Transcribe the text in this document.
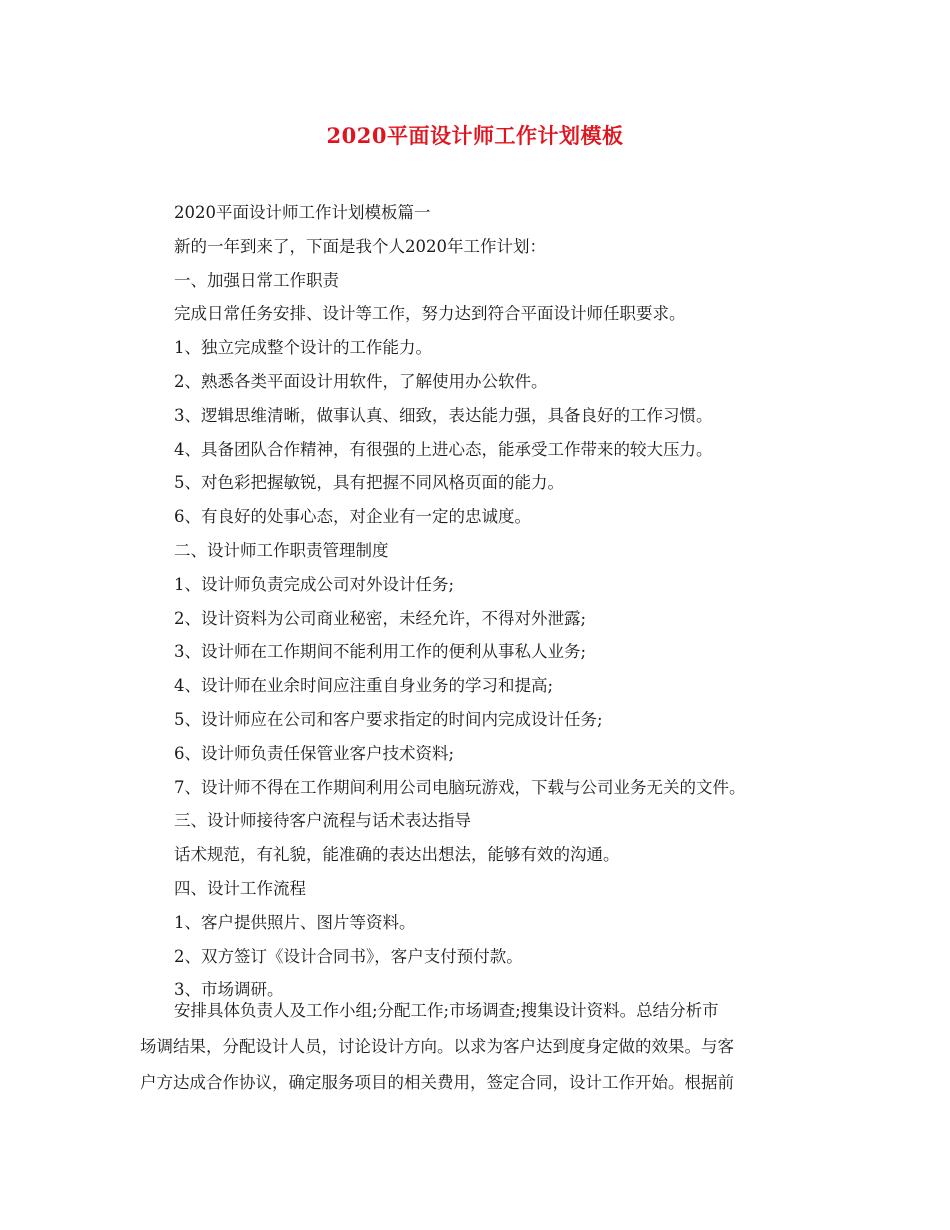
2020平面设计师工作计划模板
2020平面设计师工作计划模板篇一
新的一年到来了，下面是我个人2020年工作计划：
一、加强日常工作职责
完成日常任务安排、设计等工作，努力达到符合平面设计师任职要求。
1、独立完成整个设计的工作能力。
2、熟悉各类平面设计用软件，了解使用办公软件。
3、逻辑思维清晰，做事认真、细致，表达能力强，具备良好的工作习惯。
4、具备团队合作精神，有很强的上进心态，能承受工作带来的较大压力。
5、对色彩把握敏锐，具有把握不同风格页面的能力。
6、有良好的处事心态，对企业有一定的忠诚度。
二、设计师工作职责管理制度
1、设计师负责完成公司对外设计任务;
2、设计资料为公司商业秘密，未经允许，不得对外泄露;
3、设计师在工作期间不能利用工作的便利从事私人业务;
4、设计师在业余时间应注重自身业务的学习和提高;
5、设计师应在公司和客户要求指定的时间内完成设计任务;
6、设计师负责任保管业客户技术资料;
7、设计师不得在工作期间利用公司电脑玩游戏，下载与公司业务无关的文件。
三、设计师接待客户流程与话术表达指导
话术规范，有礼貌，能准确的表达出想法，能够有效的沟通。
四、设计工作流程
1、客户提供照片、图片等资料。
2、双方签订《设计合同书》，客户支付预付款。
3、市场调研。
安排具体负责人及工作小组;分配工作;市场调查;搜集设计资料。总结分析市
场调结果，分配设计人员，讨论设计方向。以求为客户达到度身定做的效果。与客
户方达成合作协议，确定服务项目的相关费用，签定合同，设计工作开始。根据前
